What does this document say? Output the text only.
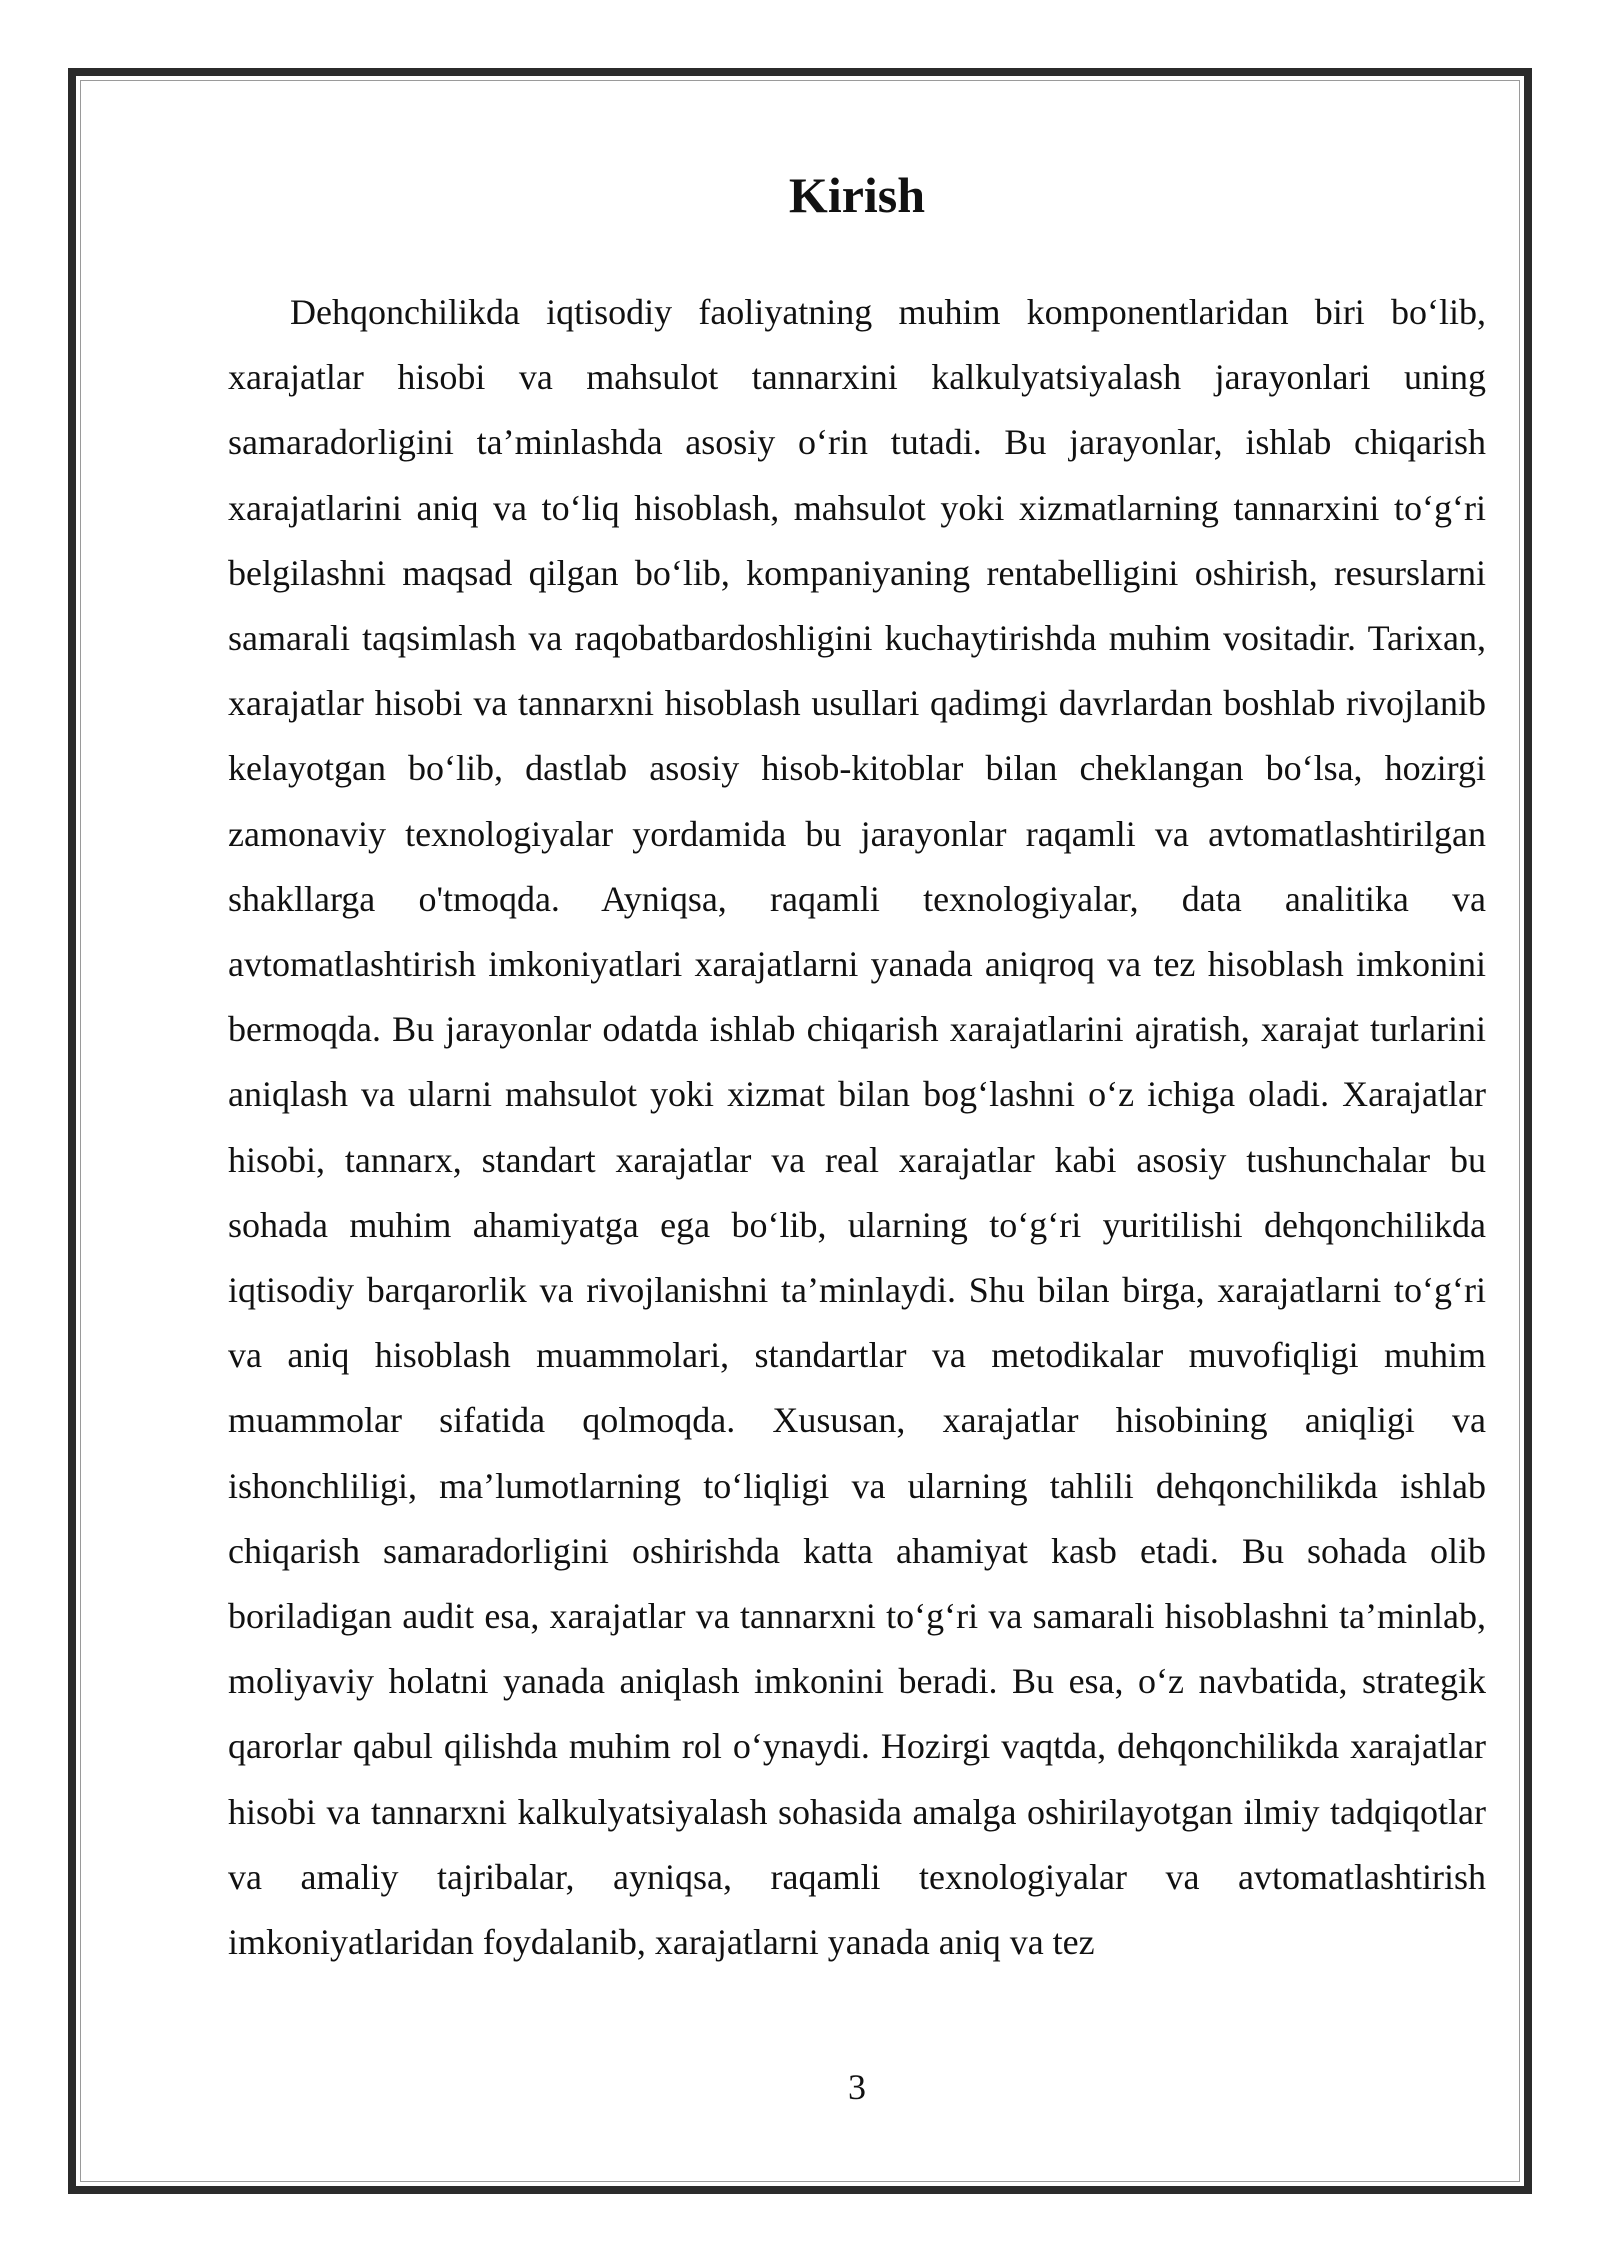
Kirish

Dehqonchilikda iqtisodiy faoliyatning muhim komponentlaridan biri bo‘lib, xarajatlar hisobi va mahsulot tannarxini kalkulyatsiyalash jarayonlari uning samaradorligini ta’minlashda asosiy o‘rin tutadi. Bu jarayonlar, ishlab chiqarish xarajatlarini aniq va to‘liq hisoblash, mahsulot yoki xizmatlarning tannarxini to‘g‘ri belgilashni maqsad qilgan bo‘lib, kompaniyaning rentabelligini oshirish, resurslarni samarali taqsimlash va raqobatbardoshligini kuchaytirishda muhim vositadir. Tarixan, xarajatlar hisobi va tannarxni hisoblash usullari qadimgi davrlardan boshlab rivojlanib kelayotgan bo‘lib, dastlab asosiy hisob-kitoblar bilan cheklangan bo‘lsa, hozirgi zamonaviy texnologiyalar yordamida bu jarayonlar raqamli va avtomatlashtirilgan shakllarga o'tmoqda. Ayniqsa, raqamli texnologiyalar, data analitika va avtomatlashtirish imkoniyatlari xarajatlarni yanada aniqroq va tez hisoblash imkonini bermoqda. Bu jarayonlar odatda ishlab chiqarish xarajatlarini ajratish, xarajat turlarini aniqlash va ularni mahsulot yoki xizmat bilan bog‘lashni o‘z ichiga oladi. Xarajatlar hisobi, tannarx, standart xarajatlar va real xarajatlar kabi asosiy tushunchalar bu sohada muhim ahamiyatga ega bo‘lib, ularning to‘g‘ri yuritilishi dehqonchilikda iqtisodiy barqarorlik va rivojlanishni ta’minlaydi. Shu bilan birga, xarajatlarni to‘g‘ri va aniq hisoblash muammolari, standartlar va metodikalar muvofiqligi muhim muammolar sifatida qolmoqda. Xususan, xarajatlar hisobining aniqligi va ishonchliligi, ma’lumotlarning to‘liqligi va ularning tahlili dehqonchilikda ishlab chiqarish samaradorligini oshirishda katta ahamiyat kasb etadi. Bu sohada olib boriladigan audit esa, xarajatlar va tannarxni to‘g‘ri va samarali hisoblashni ta’minlab, moliyaviy holatni yanada aniqlash imkonini beradi. Bu esa, o‘z navbatida, strategik qarorlar qabul qilishda muhim rol o‘ynaydi. Hozirgi vaqtda, dehqonchilikda xarajatlar hisobi va tannarxni kalkulyatsiyalash sohasida amalga oshirilayotgan ilmiy tadqiqotlar va amaliy tajribalar, ayniqsa, raqamli texnologiyalar va avtomatlashtirish imkoniyatlaridan foydalanib, xarajatlarni yanada aniq va tez

3
